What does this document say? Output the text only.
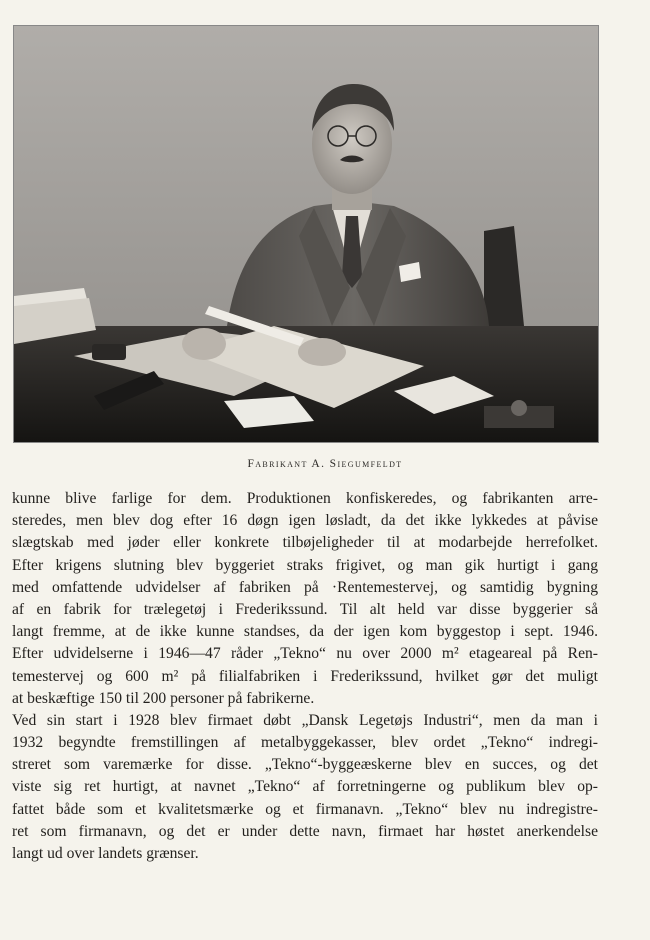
Fabrikant A. Siegumfeldt
kunne blive farlige for dem. Produktionen konfiskeredes, og fabrikanten arre-
steredes, men blev dog efter 16 døgn igen løsladt, da det ikke lykkedes at påvise
slægtskab med jøder eller konkrete tilbøjeligheder til at modarbejde herrefolket.
Efter krigens slutning blev byggeriet straks frigivet, og man gik hurtigt i gang
med omfattende udvidelser af fabriken på ·Rentemestervej, og samtidig bygning
af en fabrik for trælegetøj i Frederikssund. Til alt held var disse byggerier så
langt fremme, at de ikke kunne standses, da der igen kom byggestop i sept. 1946.
Efter udvidelserne i 1946—47 råder „Tekno“ nu over 2000 m² etageareal på Ren-
temestervej og 600 m² på filialfabriken i Frederikssund, hvilket gør det muligt
at beskæftige 150 til 200 personer på fabrikerne.
Ved sin start i 1928 blev firmaet døbt „Dansk Legetøjs Industri“, men da man i
1932 begyndte fremstillingen af metalbyggekasser, blev ordet „Tekno“ indregi-
streret som varemærke for disse. „Tekno“-byggeæskerne blev en succes, og det
viste sig ret hurtigt, at navnet „Tekno“ af forretningerne og publikum blev op-
fattet både som et kvalitetsmærke og et firmanavn. „Tekno“ blev nu indregistre-
ret som firmanavn, og det er under dette navn, firmaet har høstet anerkendelse
langt ud over landets grænser.
